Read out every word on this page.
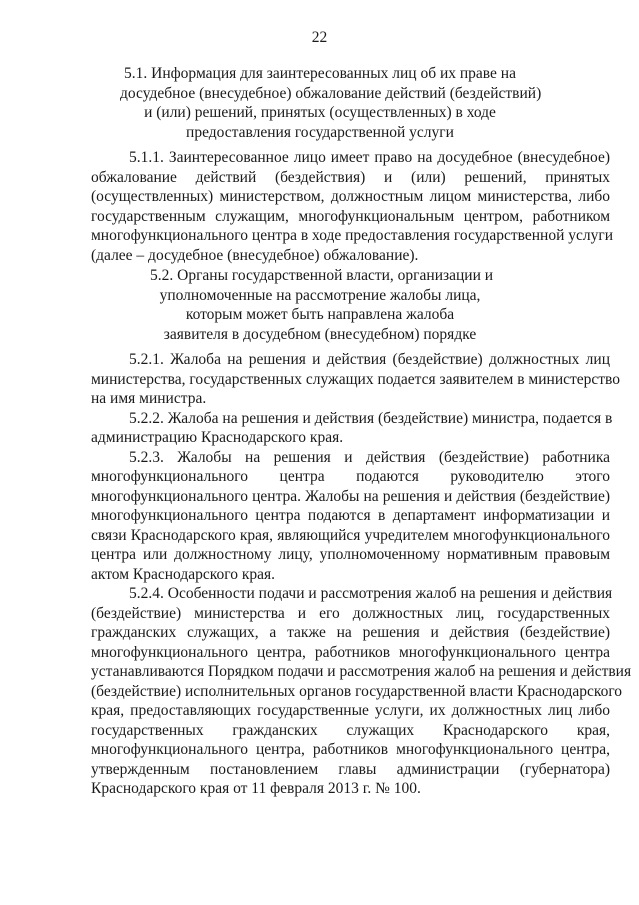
22
5.1. Информация для заинтересованных лиц об их праве на
досудебное (внесудебное) обжалование действий (бездействий)
и (или) решений, принятых (осуществленных) в ходе
предоставления государственной услуги

5.1.1. Заинтересованное лицо имеет право на досудебное (внесудебное)
обжалование действий (бездействия) и (или) решений, принятых
(осуществленных) министерством, должностным лицом министерства, либо
государственным служащим, многофункциональным центром, работником
многофункционального центра в ходе предоставления государственной услуги
(далее – досудебное (внесудебное) обжалование).

5.2. Органы государственной власти, организации и
уполномоченные на рассмотрение жалобы лица,
которым может быть направлена жалоба
заявителя в досудебном (внесудебном) порядке

5.2.1. Жалоба на решения и действия (бездействие) должностных лиц
министерства, государственных служащих подается заявителем в министерство
на имя министра.

5.2.2. Жалоба на решения и действия (бездействие) министра, подается в
администрацию Краснодарского края.

5.2.3. Жалобы на решения и действия (бездействие) работника
многофункционального центра подаются руководителю этого
многофункционального центра. Жалобы на решения и действия (бездействие)
многофункционального центра подаются в департамент информатизации и
связи Краснодарского края, являющийся учредителем многофункционального
центра или должностному лицу, уполномоченному нормативным правовым
актом Краснодарского края.

5.2.4. Особенности подачи и рассмотрения жалоб на решения и действия
(бездействие) министерства и его должностных лиц, государственных
гражданских служащих, а также на решения и действия (бездействие)
многофункционального центра, работников многофункционального центра
устанавливаются Порядком подачи и рассмотрения жалоб на решения и действия
(бездействие) исполнительных органов государственной власти Краснодарского
края, предоставляющих государственные услуги, их должностных лиц либо
государственных гражданских служащих Краснодарского края,
многофункционального центра, работников многофункционального центра,
утвержденным постановлением главы администрации (губернатора)
Краснодарского края от 11 февраля 2013 г. № 100.
